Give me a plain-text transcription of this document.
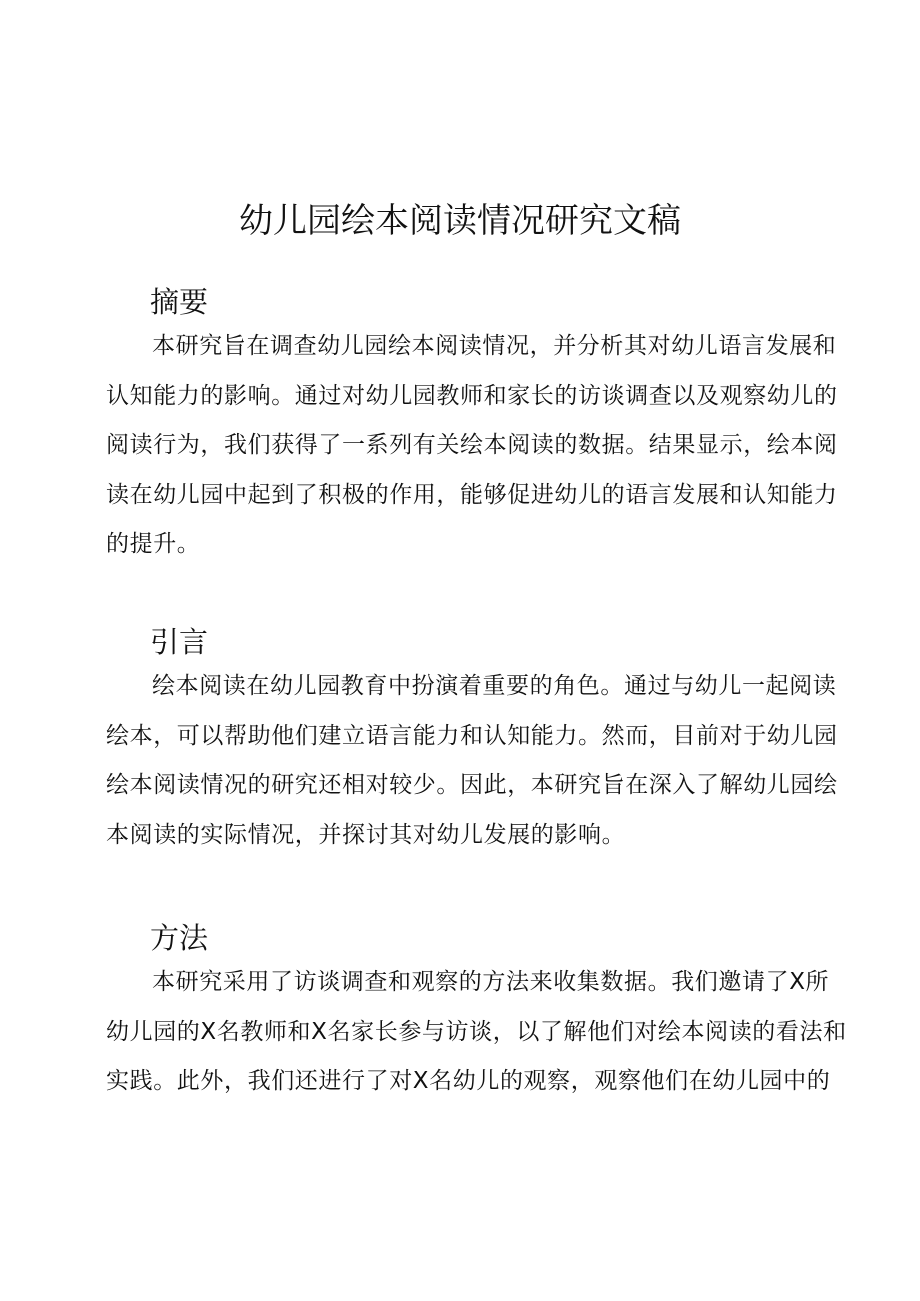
幼儿园绘本阅读情况研究文稿
摘要

本研究旨在调查幼儿园绘本阅读情况，并分析其对幼儿语言发展和
认知能力的影响。通过对幼儿园教师和家长的访谈调查以及观察幼儿的
阅读行为，我们获得了一系列有关绘本阅读的数据。结果显示，绘本阅
读在幼儿园中起到了积极的作用，能够促进幼儿的语言发展和认知能力
的提升。

引言

绘本阅读在幼儿园教育中扮演着重要的角色。通过与幼儿一起阅读
绘本，可以帮助他们建立语言能力和认知能力。然而，目前对于幼儿园
绘本阅读情况的研究还相对较少。因此，本研究旨在深入了解幼儿园绘
本阅读的实际情况，并探讨其对幼儿发展的影响。

方法

本研究采用了访谈调查和观察的方法来收集数据。我们邀请了X所
幼儿园的X名教师和X名家长参与访谈，以了解他们对绘本阅读的看法和
实践。此外，我们还进行了对X名幼儿的观察，观察他们在幼儿园中的
